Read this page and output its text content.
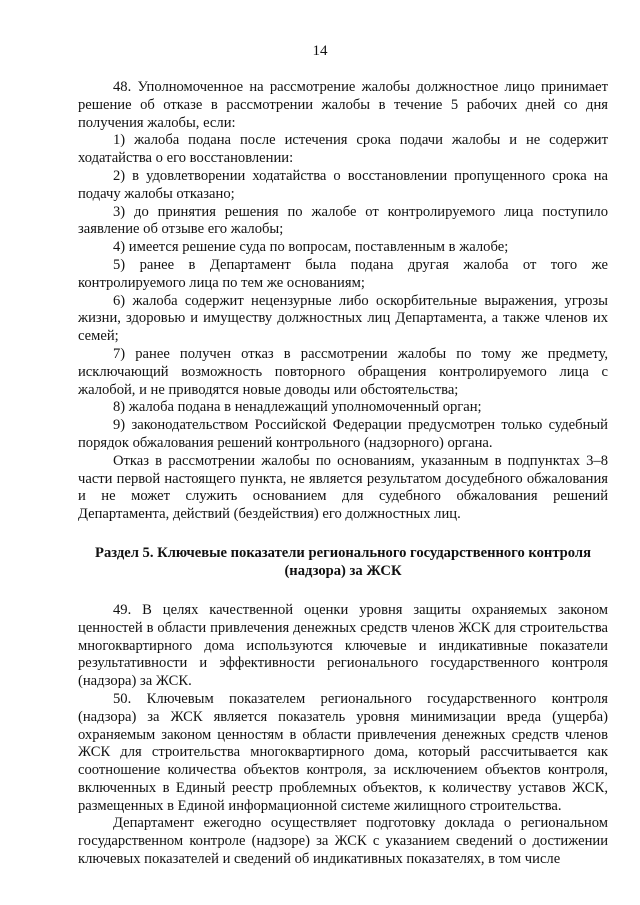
14

48. Уполномоченное на рассмотрение жалобы должностное лицо принимает решение об отказе в рассмотрении жалобы в течение 5 рабочих дней со дня получения жалобы, если:

1) жалоба подана после истечения срока подачи жалобы и не содержит ходатайства о его восстановлении:

2) в удовлетворении ходатайства о восстановлении пропущенного срока на подачу жалобы отказано;

3) до принятия решения по жалобе от контролируемого лица поступило заявление об отзыве его жалобы;

4) имеется решение суда по вопросам, поставленным в жалобе;

5) ранее в Департамент была подана другая жалоба от того же контролируемого лица по тем же основаниям;

6) жалоба содержит нецензурные либо оскорбительные выражения, угрозы жизни, здоровью и имуществу должностных лиц Департамента, а также членов их семей;

7) ранее получен отказ в рассмотрении жалобы по тому же предмету, исключающий возможность повторного обращения контролируемого лица с жалобой, и не приводятся новые доводы или обстоятельства;

8) жалоба подана в ненадлежащий уполномоченный орган;

9) законодательством Российской Федерации предусмотрен только судебный порядок обжалования решений контрольного (надзорного) органа.

Отказ в рассмотрении жалобы по основаниям, указанным в подпунктах 3–8 части первой настоящего пункта, не является результатом досудебного обжалования и не может служить основанием для судебного обжалования решений Департамента, действий (бездействия) его должностных лиц.

Раздел 5. Ключевые показатели регионального государственного контроля (надзора) за ЖСК

49. В целях качественной оценки уровня защиты охраняемых законом ценностей в области привлечения денежных средств членов ЖСК для строительства многоквартирного дома используются ключевые и индикативные показатели результативности и эффективности регионального государственного контроля (надзора) за ЖСК.

50. Ключевым показателем регионального государственного контроля (надзора) за ЖСК является показатель уровня минимизации вреда (ущерба) охраняемым законом ценностям в области привлечения денежных средств членов ЖСК для строительства многоквартирного дома, который рассчитывается как соотношение количества объектов контроля, за исключением объектов контроля, включенных в Единый реестр проблемных объектов, к количеству уставов ЖСК, размещенных в Единой информационной системе жилищного строительства.

Департамент ежегодно осуществляет подготовку доклада о региональном государственном контроле (надзоре) за ЖСК с указанием сведений о достижении ключевых показателей и сведений об индикативных показателях, в том числе
